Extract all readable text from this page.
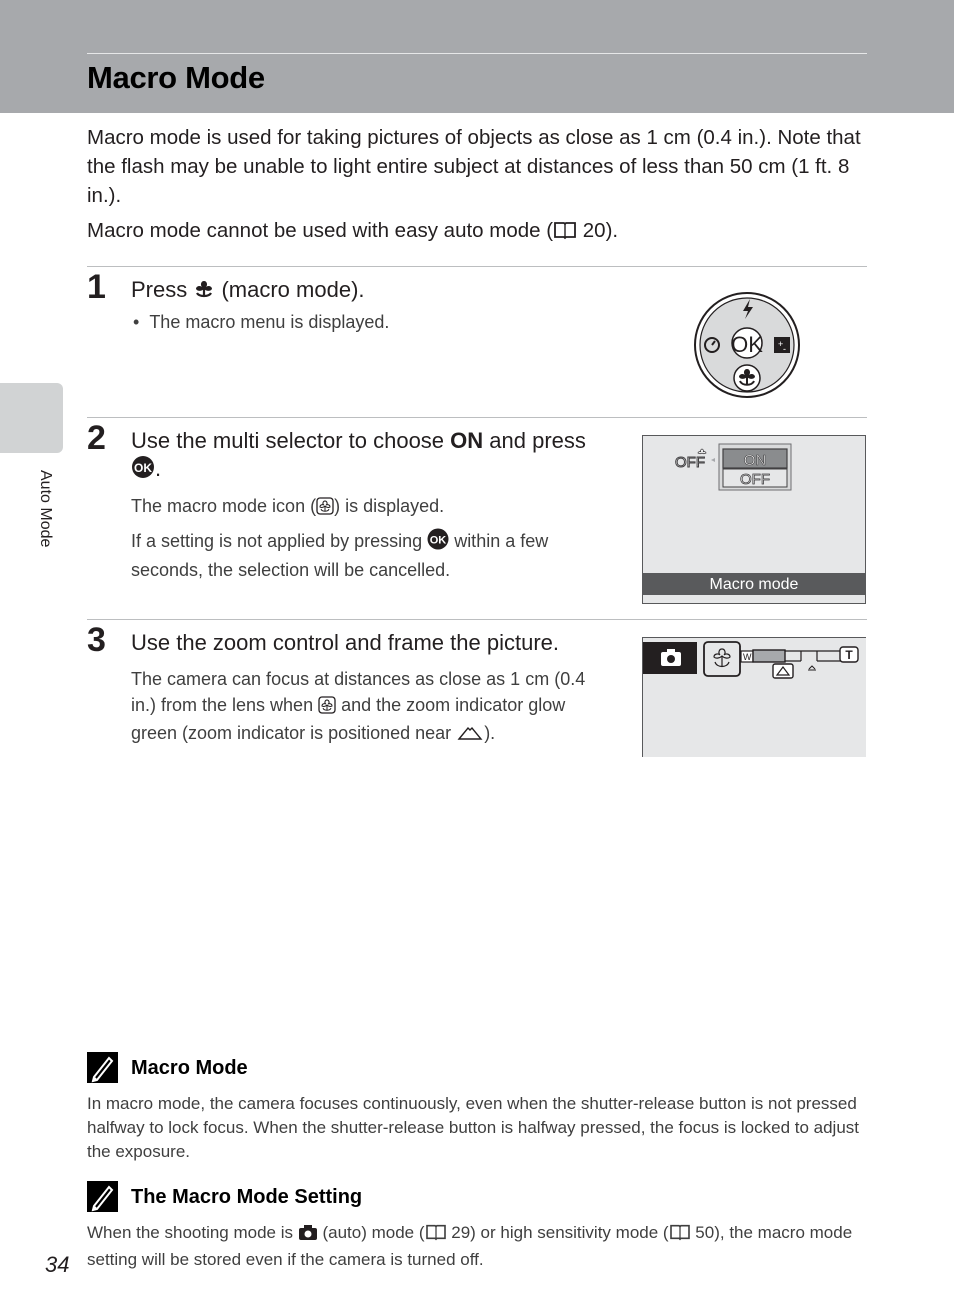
Macro Mode
Auto Mode

Macro mode is used for taking pictures of objects as close as 1 cm (0.4 in.). Note that the flash may be unable to light entire subject at distances of less than 50 cm (1 ft. 8 in.).

Macro mode cannot be used with easy auto mode ( 20).

1 Press  (macro mode).
•  The macro menu is displayed.
OK + -
2 Use the multi selector to choose ON and press

OK .

The macro mode icon ( ) is displayed.

If a setting is not applied by pressing OK within a few seconds, the selection will be cancelled.

OFF	ON
OFF
Macro mode
3 Use the zoom control and frame the picture.

The camera can focus at distances as close as 1 cm (0.4 in.) from the lens when  and the zoom indicator glow green (zoom indicator is positioned near ).

W	T
Macro Mode

In macro mode, the camera focuses continuously, even when the shutter-release button is not pressed halfway to lock focus. When the shutter-release button is halfway pressed, the focus is locked to adjust the exposure.

The Macro Mode Setting

When the shooting mode is  (auto) mode ( 29) or high sensitivity mode ( 50), the macro mode setting will be stored even if the camera is turned off.

34
